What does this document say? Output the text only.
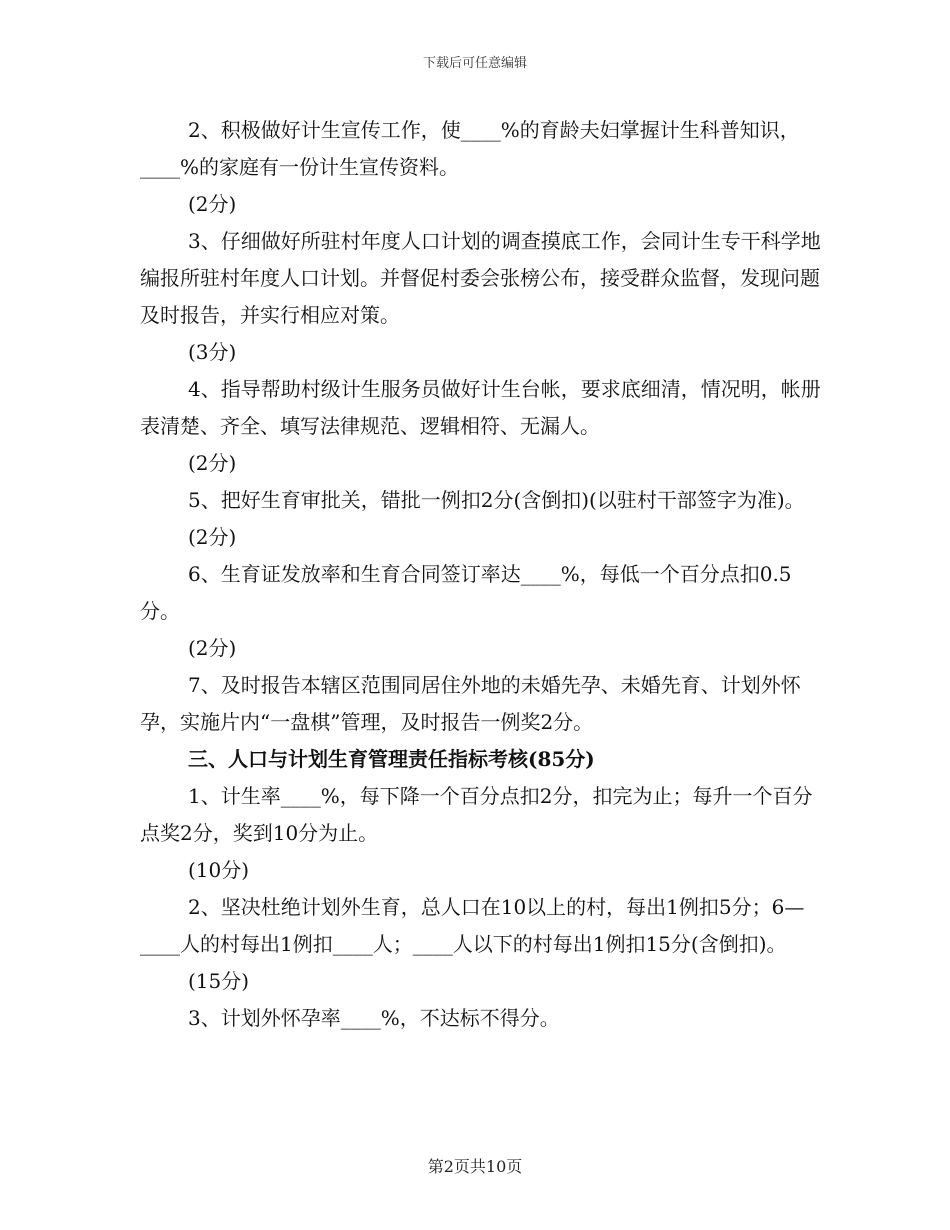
下载后可任意编辑

2、积极做好计生宣传工作，使____%的育龄夫妇掌握计生科普知识，____%的家庭有一份计生宣传资料。

(2分)

3、仔细做好所驻村年度人口计划的调查摸底工作，会同计生专干科学地编报所驻村年度人口计划。并督促村委会张榜公布，接受群众监督，发现问题及时报告，并实行相应对策。

(3分)

4、指导帮助村级计生服务员做好计生台帐，要求底细清，情况明，帐册表清楚、齐全、填写法律规范、逻辑相符、无漏人。

(2分)

5、把好生育审批关，错批一例扣2分(含倒扣)(以驻村干部签字为准)。

(2分)

6、生育证发放率和生育合同签订率达____%，每低一个百分点扣0.5分。

(2分)

7、及时报告本辖区范围同居住外地的未婚先孕、未婚先育、计划外怀孕，实施片内“一盘棋”管理，及时报告一例奖2分。

三、人口与计划生育管理责任指标考核(85分)

1、计生率____%，每下降一个百分点扣2分，扣完为止；每升一个百分点奖2分，奖到10分为止。

(10分)

2、坚决杜绝计划外生育，总人口在10以上的村，每出1例扣5分；6—____人的村每出1例扣____人；____人以下的村每出1例扣15分(含倒扣)。

(15分)

3、计划外怀孕率____%，不达标不得分。

第2页共10页
